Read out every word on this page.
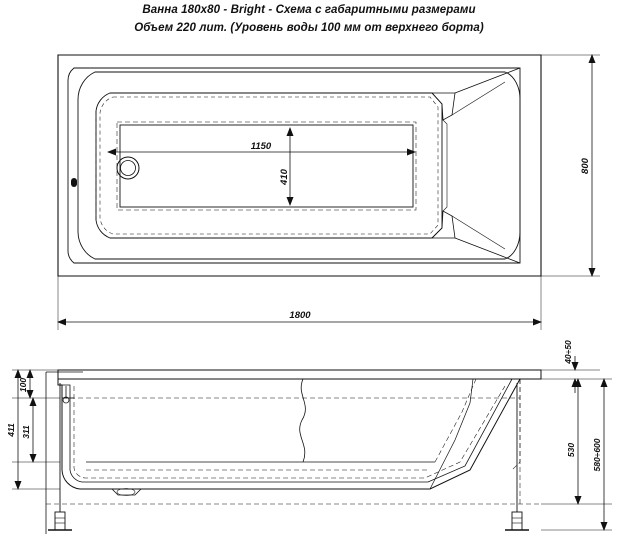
Ванна 180х80 - Bright - Схема с габаритными размерами
Объем 220 лит. (Уровень воды 100 мм от верхнего борта)
1150
410
800
1800
100
411 311
40÷50
530 580÷600
